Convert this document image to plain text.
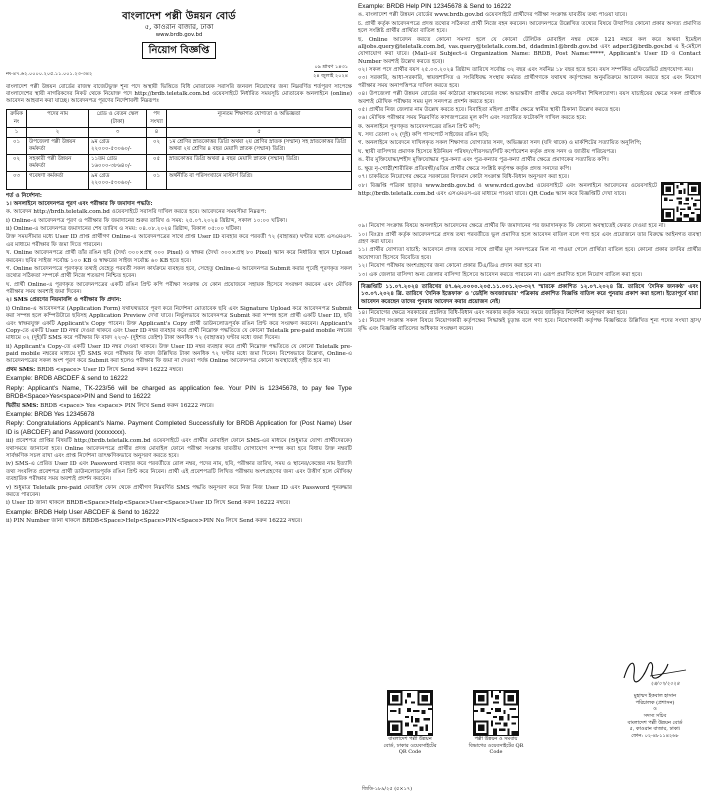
বাংলাদেশ পল্লী উন্নয়ন বোর্ড
৫, কাওরান বাজার, ঢাকা
www.brdb.gov.bd
নিয়োগ বিজ্ঞপ্তি
নং-৪৭.৬২.০০০০.২০৫.১১.০০১.২৩-৩৪২
০৯ শ্রাবণ ১৪৩১
২৪ জুলাই ২০২৪

বাংলাদেশ পল্লী উন্নয়ন বোর্ডের রাজস্ব বাজেটভুক্ত শূন্য পদে অস্থায়ী ভিত্তিতে বিধি মোতাবেক সরাসরি জনবল নিয়োগের জন্য নিম্নবর্ণিত শর্তপূরণ সাপেক্ষে বাংলাদেশের স্থায়ী নাগরিকদের নিকট থেকে নিয়োক্ত পদে http://brdb.teletalk.com.bd ওয়েবসাইটে নির্ধারিত সময়সূচি মোতাবেক অনলাইনে (online) আবেদন আহবান করা যাচ্ছে। আবেদনপত্র পূরণের নির্দেশাবলী নিম্নরূপঃ

ক্রমিক নং	পদের নাম	গ্রেড ও বেতন স্কেল (টাকা)	পদ সংখ্যা	ন্যূনতম শিক্ষাগত যোগ্যতা ও অভিজ্ঞতা
১	২	৩	৪	৫
০১	উপজেলা পল্লী উন্নয়ন কর্মকর্তা	৯ম গ্রেড ২২০০০-৫৩০৬০/-	০২	১ম শ্রেণির স্নাতকোত্তর ডিগ্রি অথবা ২য় শ্রেণির স্নাতক (সম্মান) সহ স্নাতকোত্তর ডিগ্রি অথবা ২য় শ্রেণির ৪ বছর মেয়াদি স্নাতক (সম্মান) ডিগ্রি।
০২	সহকারী পল্লী উন্নয়ন কর্মকর্তা	১১তম গ্রেড ১৬০০০-৩৮৬৪০/-	০৫	স্নাতকোত্তর ডিগ্রি অথবা ৪ বছর মেয়াদি স্নাতক (সম্মান) ডিগ্রি।
০৩	গবেষণা কর্মকর্তা	৯ম গ্রেড ২২০০০-৫৩০৬০/-	০১	অর্থনীতি বা পরিসংখ্যানে মাস্টার্স ডিগ্রি।
শর্ত ও নির্দেশনা:

১। অনলাইনে আবেদনপত্র পূরণ এবং পরীক্ষার ফি জমাদান পদ্ধতি:

ক. আবেদন http://brdb.teletalk.com.bd ওয়েবসাইটে সরাসরি দাখিল করতে হবে। আবেদনের সময়সীমা নিম্নরূপ:

i) Online-এ আবেদনপত্র পূরণ ও পরীক্ষার ফি জমাদানের শুরুর তারিখ ও সময়: ২৫.০৭.২০২৪ খ্রিষ্টাব্দ, সকাল ১০:০০ ঘটিকা।

ii) Online-এ আবেদনপত্র জমাদানের শেষ তারিখ ও সময়: ০৪.০৮.২০২৪ খ্রিষ্টাব্দ, বিকাল ০৫:০০ ঘটিকা।

উক্ত সময়সীমার মধ্যে User ID প্রাপ্ত প্রার্থীগণ Online-এ আবেদনপত্রের সাথে প্রাপ্ত User ID ব্যবহার করে পরবর্তী ৭২ (বাহাত্তর) ঘণ্টার মধ্যে এসএমএস-এর মাধ্যমে পরীক্ষার ফি জমা দিতে পারবেন।

খ. Online আবেদনপত্রে প্রার্থী তাঁর রঙিন ছবি (দৈর্ঘ্য ৩০০×প্রস্থ ৩০০ Pixel) ও স্বাক্ষর (দৈর্ঘ্য ৩০০×প্রস্থ ৮০ Pixel) স্ক্যান করে নির্ধারিত স্থানে Upload করবেন। ছবির সাইজ সর্বোচ্চ ১০০ KB ও স্বাক্ষরের সাইজ সর্বোচ্চ ৬০ KB হতে হবে।

গ. Online আবেদনপত্রে পূরণকৃত তথ্যই যেহেতু পরবর্তী সকল কার্যক্রমে ব্যবহৃত হবে, সেহেতু Online-এ আবেদনপত্র Submit করার পূর্বেই পূরণকৃত সকল তথ্যের সঠিকতা সম্পর্কে প্রার্থী নিজে শতভাগ নিশ্চিত হবেন।

ঘ. প্রার্থী Online-এ পূরণকৃত আবেদনপত্রের একটি রঙিন প্রিন্ট কপি পরীক্ষা সংক্রান্ত যে কোন প্রয়োজনে সহায়ক হিসেবে সংরক্ষণ করবেন এবং মৌখিক পরীক্ষার সময় অবশ্যই জমা দিবেন।

২। SMS প্রেরণের নিয়মাবলি ও পরীক্ষার ফি প্রদান:

i) Online-এ আবেদনপত্র (Application Form) যথাযথভাবে পূরণ করে নির্দেশনা মোতাবেক ছবি এবং Signature Upload করে আবেদনপত্র Submit করা সম্পন্ন হলে কম্পিউটারে ছবিসহ Application Preview দেখা যাবে। নির্ভুলভাবে আবেদনপত্র Submit করা সম্পন্ন হলে প্রার্থী একটি User ID, ছবি এবং স্বাক্ষরযুক্ত একটি Applicant's Copy পাবেন। উক্ত Applicant's Copy প্রার্থী ডাউনলোডপূর্বক রঙিন প্রিন্ট করে সংরক্ষণ করবেন। Applicant's Copy-তে একটি User ID নম্বর দেওয়া থাকবে এবং User ID নম্বর ব্যবহার করে প্রার্থী নিম্নোক্ত পদ্ধতিতে যে কোনো Teletalk pre-paid mobile নম্বরের মাধ্যমে ০২ (দুই)টি SMS করে পরীক্ষার ফি বাবদ ২২৩/- (দুইশত তেইশ) টাকা অনধিক ৭২ (বাহাত্তর) ঘণ্টার মধ্যে জমা দিবেন।

ii) Applicant's Copy-তে একটি User ID নম্বর দেওয়া থাকবে। উক্ত User ID নম্বর ব্যবহার করে প্রার্থী নিম্নোক্ত পদ্ধতিতে যে কোনো Teletalk pre-paid mobile নম্বরের মাধ্যমে দুটি SMS করে পরীক্ষার ফি বাবদ উল্লিখিত টাকা অনধিক ৭২ ঘণ্টার মধ্যে জমা দিবেন। বিশেষভাবে উল্লেখ্য, Online-এ আবেদনপত্রের সকল অংশ পূরণ করে Submit করা হলেও পরীক্ষার ফি জমা না দেওয়া পর্যন্ত Online আবেদনপত্র কোনো অবস্থাতেই গৃহীত হবে না।

প্রথম SMS: BRDB <space> User ID লিখে Send করুন 16222 নম্বরে।

Example: BRDB ABCDEF & send to 16222

Reply: Applicant's Name, TK-223/56 will be charged as application fee. Your PIN is 12345678, to pay fee Type BRDB<Space>Yes<space>PIN and Send to 16222

দ্বিতীয় SMS: BRDB <space> Yes <space> PIN লিখে Send করুন 16222 নম্বরে।

Example: BRDB Yes 12345678

Reply: Congratulations Applicant's Name. Payment Completed Successfully for BRDB Application for (Post Name) User ID is (ABCDEF) and Password (xxxxxxxx).

iii) প্রবেশপত্র প্রাপ্তির বিষয়টি http://brdb.teletalk.com.bd ওয়েবসাইটে এবং প্রার্থীর মোবাইল ফোনে SMS-এর মাধ্যমে (শুধুমাত্র যোগ্য প্রার্থীদেরকে) যথাসময়ে জানানো হবে। Online আবেদনপত্রে প্রার্থীর প্রদত্ত মোবাইল ফোনে পরীক্ষা সংক্রান্ত যাবতীয় যোগাযোগ সম্পন্ন করা হবে বিধায় উক্ত নম্বরটি সার্বক্ষণিক সচল রাখা এবং প্রাপ্ত নির্দেশনা তাৎক্ষণিকভাবে অনুসরণ করতে হবে।

iv) SMS-এ প্রেরিত User ID এবং Password ব্যবহার করে পরবর্তীতে রোল নম্বর, পদের নাম, ছবি, পরীক্ষার তারিখ, সময় ও স্থানের/কেন্দ্রের নাম ইত্যাদি তথ্য সংবলিত প্রবেশপত্র প্রার্থী ডাউনলোডপূর্বক রঙিন প্রিন্ট করে নিবেন। প্রার্থী এই প্রবেশপত্রটি লিখিত পরীক্ষায় অংশগ্রহণের জন্য এবং উত্তীর্ণ হলে মৌখিক/ব্যবহারিক পরীক্ষার সময় অবশ্যই প্রদর্শন করবেন।

v) শুধুমাত্র Teletalk pre-paid মোবাইল ফোন থেকে প্রার্থীগণ নিম্নবর্ণিত SMS পদ্ধতি অনুসরণ করে নিজ নিজ User ID এবং Password পুনরুদ্ধার করতে পারবেন।

i) User ID জানা থাকলে BRDB<Space>Help<Space>User<Space>User ID লিখে Send করুন 16222 নম্বরে।

Example: BRDB Help User ABCDEF & Send to 16222

ii) PIN Number জানা থাকলে BRDB<Space>Help<Space>PIN<Space>PIN No লিখে Send করুন 16222 নম্বরে।

Example: BRDB Help PIN 12345678 & Send to 16222

ঙ. বাংলাদেশ পল্লী উন্নয়ন বোর্ডের www.brdb.gov.bd ওয়েবসাইটে প্রার্থীদের পরীক্ষা সংক্রান্ত যাবতীয় তথ্য পাওয়া যাবে।

চ. প্রার্থী কর্তৃক আবেদনপত্রে প্রদত্ত তথ্যের সঠিকতা প্রার্থী নিজে বহন করবেন। আবেদনপত্রে উল্লেখিত তথ্যের বিষয়ে উত্থাপিত কোনো প্রকার অসত্য প্রমাণিত হলে সংশ্লিষ্ট প্রার্থীর প্রার্থিতা বাতিল হবে।

ছ. Online আবেদন করতে কোনো সমস্যা হলে যে কোনো টেলিটক মোবাইল নম্বর থেকে 121 নম্বরে কল করে অথবা ইমেইল alljobs.query@teletalk.com.bd, vas.query@teletalk.com.bd, ddadmin1@brdb.gov.bd এবং adper3@brdb.gov.bd এ ই-মেইলে যোগাযোগ করা যাবে। (Mail-এর Subject-এ Organization Name: BRDB, Post Name:*****, Applicant's User ID ও Contact Number অবশ্যই উল্লেখ করতে হবে)।

০২। সকল পদে প্রার্থীর বয়স ২৫.০৩.২০২৪ খ্রিষ্টাব্দ তারিখে সর্বোচ্চ ৩২ বছর এবং সর্বনিম্ন ১৮ বছর হতে হবে। বয়স সম্পর্কিত এফিডেভিট গ্রহণযোগ্য নয়।

০৩। সরকারি, আধা-সরকারি, স্বায়ত্তশাসিত ও সংবিধিবদ্ধ সংস্থায় কর্মরত প্রার্থীগণকে যথাযথ কর্তৃপক্ষের অনুমতিক্রমে আবেদন করতে হবে এবং নিয়োগ পরীক্ষার সময় অনাপত্তিপত্র দাখিল করতে হবে।

০৪। উপজেলা পল্লী উন্নয়ন বোর্ডের কর্ম কাঠামো বাস্তবায়নের লক্ষ্যে অভ্যন্তরীণ প্রার্থীর ক্ষেত্রে বয়সসীমা শিথিলযোগ্য। বয়স যাচাইয়ের ক্ষেত্রে সকল প্রার্থীকে অবশ্যই মৌখিক পরীক্ষার সময় মূল সনদপত্র প্রদর্শন করতে হবে।

০৫। প্রার্থীর নিজ জেলার নাম উল্লেখ করতে হবে। বিবাহিতা মহিলা প্রার্থীর ক্ষেত্রে স্বামীর স্থায়ী ঠিকানা উল্লেখ করতে হবে।

০৬। মৌখিক পরীক্ষার সময় নিম্নবর্ণিত কাগজপত্রের মূল কপি এবং সত্যায়িত ফটোকপি দাখিল করতে হবে:

ক. অনলাইনে পূরণকৃত আবেদনপত্রের রঙিন প্রিন্ট কপি;

খ. সদ্য তোলা ০২ (দুই) কপি পাসপোর্ট সাইজের রঙিন ছবি;

গ. অনলাইনে আবেদনে দাখিলকৃত সকল শিক্ষাগত যোগ্যতার সনদ, অভিজ্ঞতা সনদ (যদি থাকে) ও মার্কশিটের সত্যায়িত অনুলিপি;

ঘ. স্থায়ী বাসিন্দার প্রমাণক হিসেবে ইউনিয়ন পরিষদ/পৌরসভা/সিটি কর্পোরেশন কর্তৃক প্রদত্ত সনদ ও জাতীয় পরিচয়পত্র।

ঙ. বীর মুক্তিযোদ্ধা/শহীদ মুক্তিযোদ্ধার পুত্র-কন্যা এবং পুত্র-কন্যার পুত্র-কন্যা প্রার্থীর ক্ষেত্রে প্রমাণকের সত্যায়িত কপি।

চ. ক্ষুদ্র নৃ-গোষ্ঠী/শারীরিক প্রতিবন্ধী/এতিম প্রার্থীর ক্ষেত্রে সংশ্লিষ্ট কর্তৃপক্ষ কর্তৃক প্রদত্ত সনদের কপি।

০৭। চাকরিতে নিয়োগের ক্ষেত্রে সরকারের বিদ্যমান কোটা সংক্রান্ত বিধি-বিধান অনুসরণ করা হবে।

০৮। বিজ্ঞপ্তি পত্রিকা ছাড়াও www.brdb.gov.bd ও www.rdcd.gov.bd ওয়েবসাইটে এবং অনলাইনে আবেদনের ওয়েবসাইটে http://brdb.teletalk.com.bd এবং এসএমএস-এর মাধ্যমে পাওয়া যাবে। QR Code স্ক্যান করে বিজ্ঞপ্তিটি দেখা যাবে।

০৯। নিয়োগ সংক্রান্ত বিষয়ে অনলাইনে আবেদনের ক্ষেত্রে প্রার্থীর ফি জমাদানের পর জমাদানকৃত ফি কোনো অবস্থাতেই ফেরত দেওয়া হবে না।

১০। বিঃদ্রঃ প্রার্থী কর্তৃক আবেদনপত্রে প্রদত্ত তথ্য পরবর্তীতে ভুল প্রমাণিত হলে আবেদন বাতিল বলে গণ্য হবে এবং প্রয়োজনে তার বিরুদ্ধে আইনগত ব্যবস্থা গ্রহণ করা যাবে।

১১। প্রার্থীর যোগ্যতা যাচাই: আবেদনে প্রদত্ত তথ্যের সাথে প্রার্থীর মূল সনদপত্রের মিল না পাওয়া গেলে প্রার্থিতা বাতিল হবে। কোনো প্রকার তদবির প্রার্থীর অযোগ্যতা হিসেবে বিবেচিত হবে।

১২। নিয়োগ পরীক্ষায় অংশগ্রহণের জন্য কোনো প্রকার টিএ/ডিএ প্রদান করা হবে না।

১৩। এক জেলার বাসিন্দা অন্য জেলার বাসিন্দা হিসেবে আবেদন করতে পারবেন না। এরূপ প্রমাণিত হলে নিয়োগ বাতিল করা হবে।

বিজ্ঞপ্তিটি ১১.০৭.২০২৪ তারিখের ৪৭.৬২.০০০০.২০৫.১১.০০১.২৩-৩২৭ স্মারকে প্রকাশিত ১২.০৭.২০২৪ খ্রি. তারিখে 'দৈনিক জনকণ্ঠ' এবং ১৩.০৭.২০২৪ খ্রি. তারিখে 'দৈনিক ইত্তেফাক' ও 'ডেইলি অবজারভার' পত্রিকায় প্রকাশিত বিজ্ঞপ্তি বাতিল করে পুনরায় প্রকাশ করা হলো। ইতোপূর্বে যারা আবেদন করেছেন তাদের পুনরায় আবেদন করার প্রয়োজন নেই।

১৪। নিয়োগের ক্ষেত্রে সরকারের প্রচলিত বিধি-বিধান এবং সরকার কর্তৃক সময়ে সময়ে জারিকৃত নির্দেশনা অনুসরণ করা হবে।

১৫। নিয়োগ সংক্রান্ত সকল বিষয়ে নিয়োগকারী কর্তৃপক্ষের সিদ্ধান্তই চূড়ান্ত বলে গণ্য হবে। নিয়োগকারী কর্তৃপক্ষ বিজ্ঞপ্তিতে উল্লিখিত শূন্য পদের সংখ্যা হ্রাস/বৃদ্ধি এবং বিজ্ঞপ্তি বাতিলের অধিকার সংরক্ষণ করেন।

বাংলাদেশ পল্লী উন্নয়ন বোর্ড, ঢাকার ওয়েবসাইটের QR Code
পল্লী উন্নয়ন ও সমবায় বিভাগের ওয়েবসাইটের QR Code
২৪/০৭/২০২৪
মুহাম্মদ ইকবাল হাসান
পরিচালক (প্রশাসন)
ও
সদস্য সচিব
বাংলাদেশ পল্লী উন্নয়ন বোর্ড
৫, কাওরান বাজার, ঢাকা।
ফোন: ০২-৪৮১১৪২৬৮
জিডি-১৮৯/২৫ (৫×১৭)
